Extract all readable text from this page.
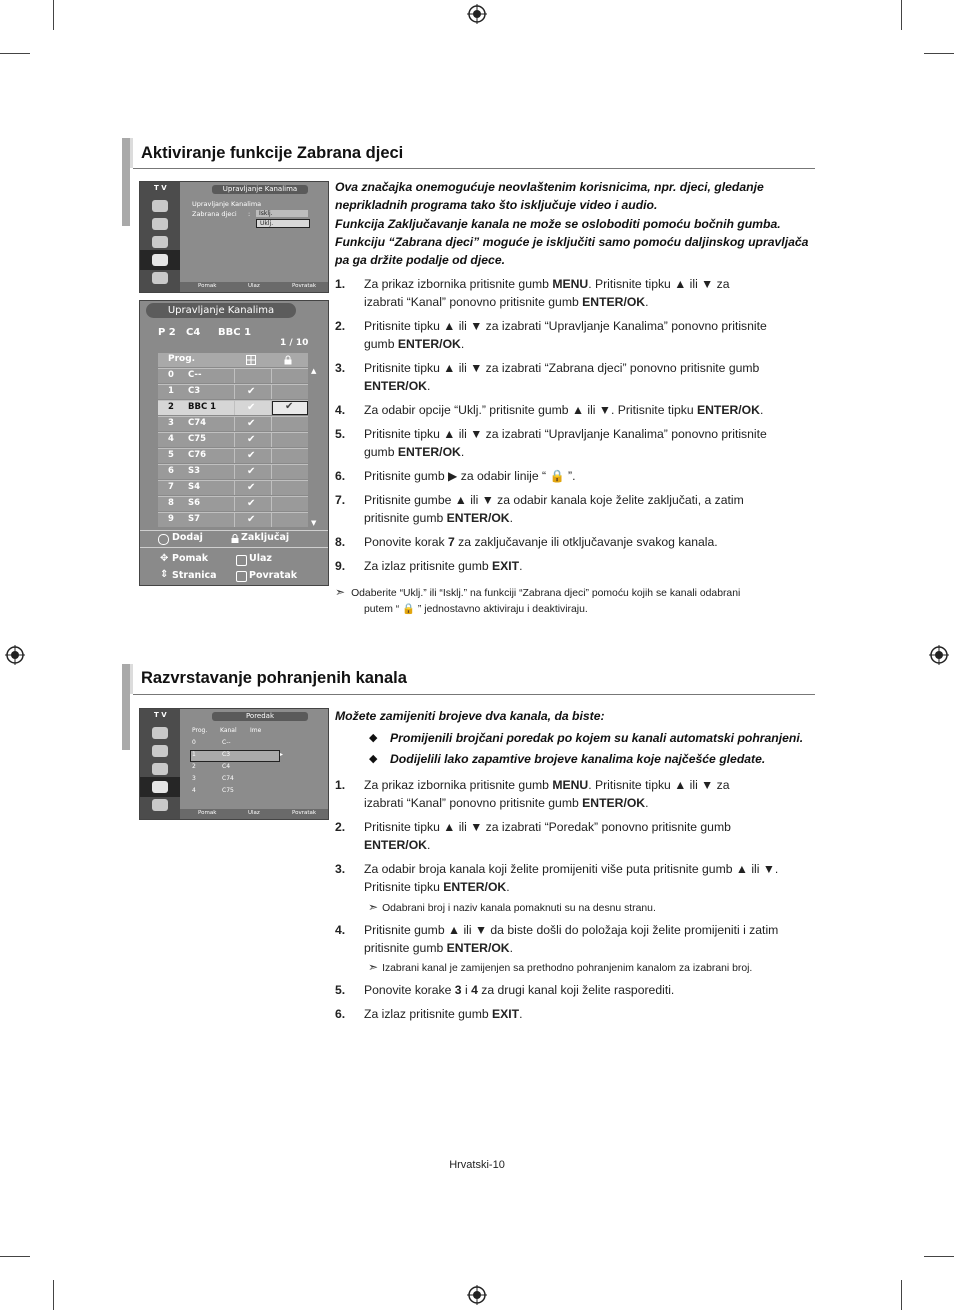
Aktiviranje funkcije Zabrana djeci
T V	Upravljanje Kanalima
Upravljanje Kanalima
Zabrana djeci :	Isklj.
Uklj.
Pomak	Ulaz	Povratak
Upravljanje Kanalima
P 2 C4 BBC 1
1 / 10
Prog.
0 C--
1 C3	✔
2 BBC 1	✔	✔
3 C74	✔
4 C75	✔
5 C76	✔
6 S3	✔
7 S4	✔
8 S6	✔
9 S7	✔
▲
▼
Dodaj	Zaključaj
✥ Pomak	Ulaz
⇕ Stranica	Povratak
Ova značajka onemogućuje neovlaštenim korisnicima, npr. djeci, gledanje
neprikladnih programa tako što isključuje video i audio.
Funkcija Zaključavanje kanala ne može se osloboditi pomoću bočnih gumba.
Funkciju “Zabrana djeci” moguće je isključiti samo pomoću daljinskog upravljača
pa ga držite podalje od djece.
1. Za prikaz izbornika pritisnite gumb MENU. Pritisnite tipku ▲ ili ▼ za
izabrati “Kanal” ponovno pritisnite gumb ENTER/OK.
2. Pritisnite tipku ▲ ili ▼ za izabrati “Upravljanje Kanalima” ponovno pritisnite
gumb ENTER/OK.
3. Pritisnite tipku ▲ ili ▼ za izabrati “Zabrana djeci” ponovno pritisnite gumb
ENTER/OK.
4. Za odabir opcije “Uklj.” pritisnite gumb ▲ ili ▼. Pritisnite tipku ENTER/OK.
5. Pritisnite tipku ▲ ili ▼ za izabrati “Upravljanje Kanalima” ponovno pritisnite
gumb ENTER/OK.
6. Pritisnite gumb ▶ za odabir linije “ 🔒 ”.
7. Pritisnite gumbe ▲ ili ▼ za odabir kanala koje želite zaključati, a zatim
pritisnite gumb ENTER/OK.
8. Ponovite korak 7 za zaključavanje ili otključavanje svakog kanala.
9. Za izlaz pritisnite gumb EXIT.
➣ Odaberite “Uklj.” ili “Isklj.” na funkciji “Zabrana djeci” pomoću kojih se kanali odabrani
putem “ 🔒 ” jednostavno aktiviraju i deaktiviraju.
Razvrstavanje pohranjenih kanala
T V	Poredak
Prog. Kanal Ime
0	C--
1	C3
2	C4
3	C74
4	C75
▸
Pomak	Ulaz	Povratak
Možete zamijeniti brojeve dva kanala, da biste:
◆ Promijenili brojčani poredak po kojem su kanali automatski pohranjeni.
◆ Dodijelili lako zapamtive brojeve kanalima koje najčešće gledate.
1. Za prikaz izbornika pritisnite gumb MENU. Pritisnite tipku ▲ ili ▼ za
izabrati “Kanal” ponovno pritisnite gumb ENTER/OK.
2. Pritisnite tipku ▲ ili ▼ za izabrati “Poredak” ponovno pritisnite gumb
ENTER/OK.
3. Za odabir broja kanala koji želite promijeniti više puta pritisnite gumb ▲ ili ▼.
Pritisnite tipku ENTER/OK.
4. Pritisnite gumb ▲ ili ▼ da biste došli do položaja koji želite promijeniti i zatim
pritisnite gumb ENTER/OK.
5. Ponovite korake 3 i 4 za drugi kanal koji želite rasporediti.
6. Za izlaz pritisnite gumb EXIT.
➣ Odabrani broj i naziv kanala pomaknuti su na desnu stranu.
➣ Izabrani kanal je zamijenjen sa prethodno pohranjenim kanalom za izabrani broj.
Hrvatski-10
